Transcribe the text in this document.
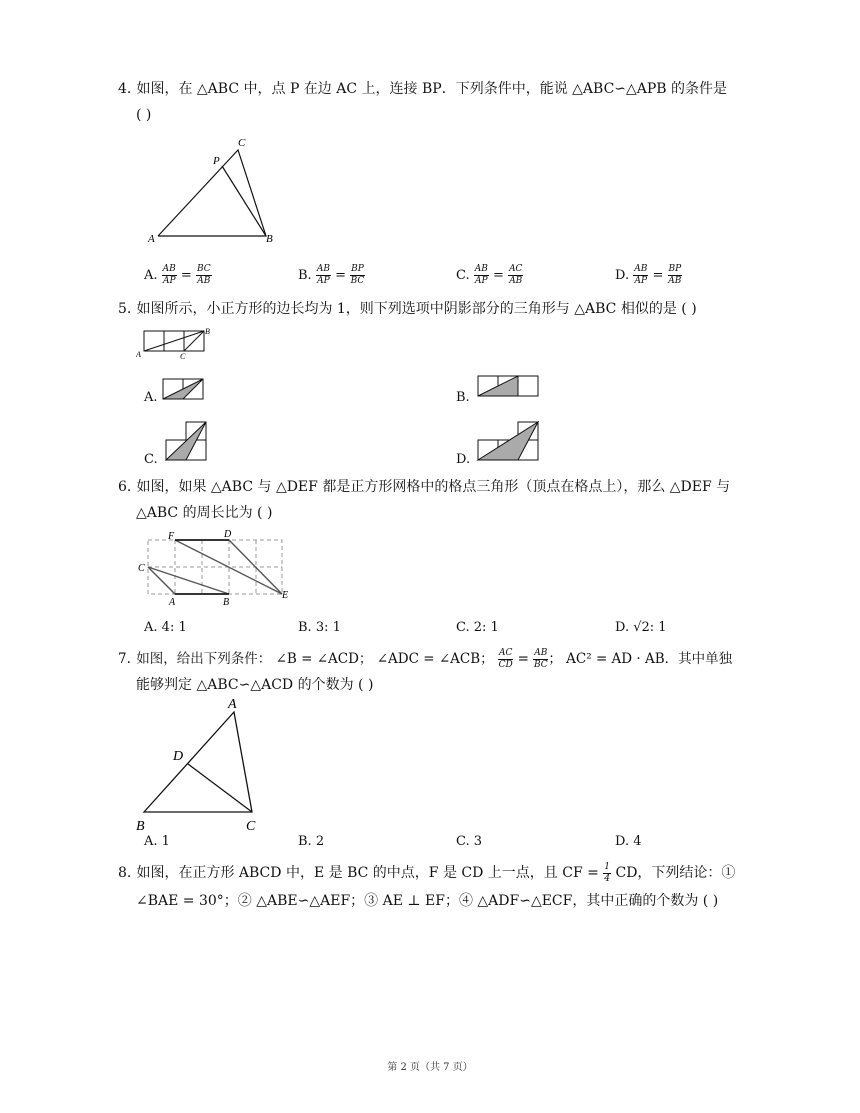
4. 如图，在 △ABC 中，点 P 在边 AC 上，连接 BP．下列条件中，能说 △ABC∽△APB 的条件是
( )
A	B
C
P
A. $\frac{AB}{AP} = \frac{BC}{AB}$	B. $\frac{AB}{AP} = \frac{BP}{BC}$	C. $\frac{AB}{AP} = \frac{AC}{AB}$	D. $\frac{AB}{AP} = \frac{BP}{AB}$
5. 如图所示，小正方形的边长均为 1，则下列选项中阴影部分的三角形与 △ABC 相似的是 ( )
A
B
C
A.	B.
C.	D.
6. 如图，如果 △ABC 与 △DEF 都是正方形网格中的格点三角形（顶点在格点上），那么 △DEF 与
△ABC 的周长比为 ( )
C
A	B
F	D
E
A. 4: 1	B. 3: 1	C. 2: 1	D. √2: 1
7. 如图，给出下列条件： ∠B = ∠ACD； ∠ADC = ∠ACB； $\frac{AC}{CD} = \frac{AB}{BC}$ ； AC² = AD · AB．其中单独
能够判定 △ABC∽△ACD 的个数为 ( )
A
B	C
D
A. 1	B. 2	C. 3	D. 4
8. 如图，在正方形 ABCD 中，E 是 BC 的中点，F 是 CD 上一点，且 CF = $\frac{1}{4}$ CD，下列结论：①
∠BAE = 30°；② △ABE∽△AEF；③ AE ⊥ EF；④ △ADF∽△ECF，其中正确的个数为 ( )
第 2 页（共 7 页）
